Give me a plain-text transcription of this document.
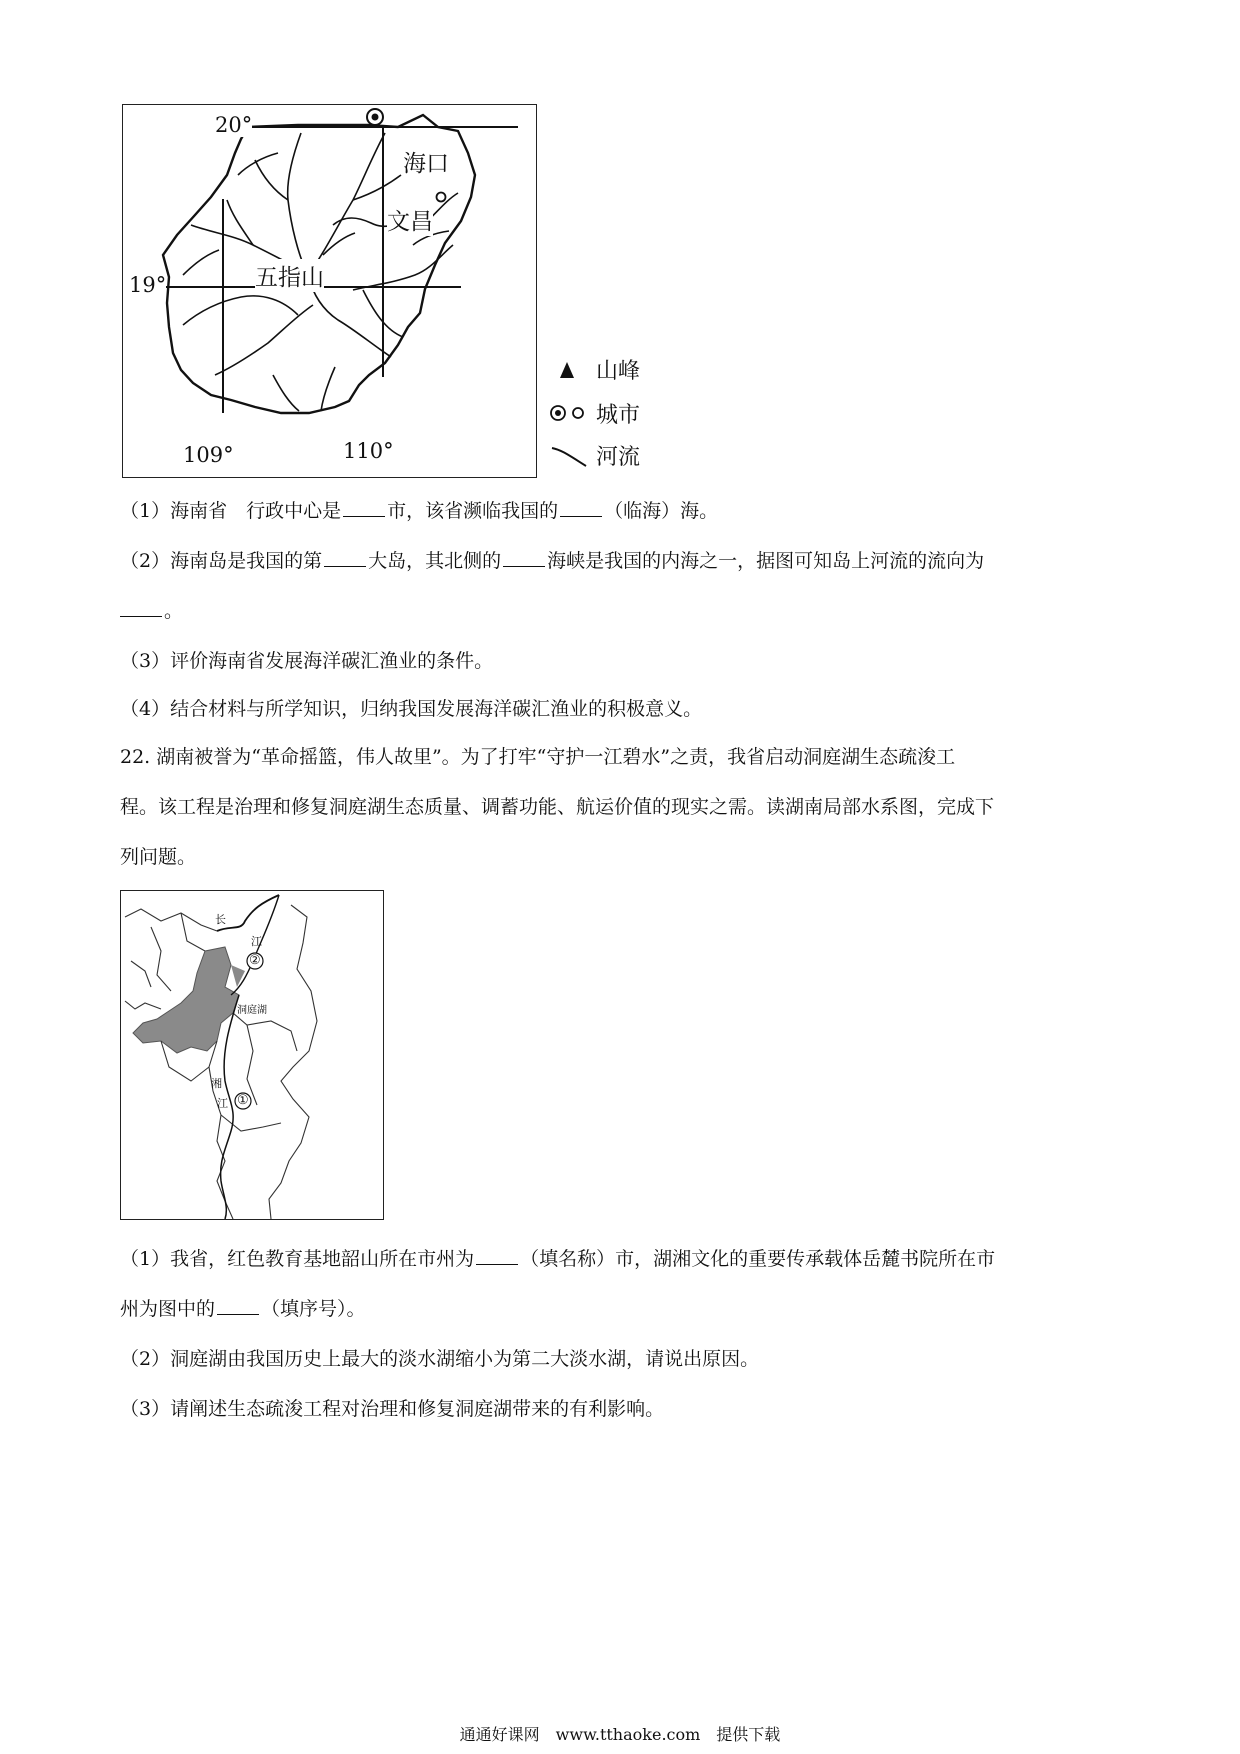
20°
19°
109°	110°
海口
文昌
五指山
山峰
城市
河流
（1）海南省　行政中心是 市，该省濒临我国的 （临海）海。
（2）海南岛是我国的第 大岛，其北侧的 海峡是我国的内海之一，据图可知岛上河流的流向为
。
（3）评价海南省发展海洋碳汇渔业的条件。
（4）结合材料与所学知识，归纳我国发展海洋碳汇渔业的积极意义。
22. 湖南被誉为“革命摇篮，伟人故里”。为了打牢“守护一江碧水”之责，我省启动洞庭湖生态疏浚工
程。该工程是治理和修复洞庭湖生态质量、调蓄功能、航运价值的现实之需。读湖南局部水系图，完成下
列问题。
长
江
洞庭湖
湘
江 ①
②
（1）我省，红色教育基地韶山所在市州为 （填名称）市，湖湘文化的重要传承载体岳麓书院所在市
州为图中的 （填序号）。
（2）洞庭湖由我国历史上最大的淡水湖缩小为第二大淡水湖，请说出原因。
（3）请阐述生态疏浚工程对治理和修复洞庭湖带来的有利影响。
通通好课网　www.tthaoke.com　提供下载
